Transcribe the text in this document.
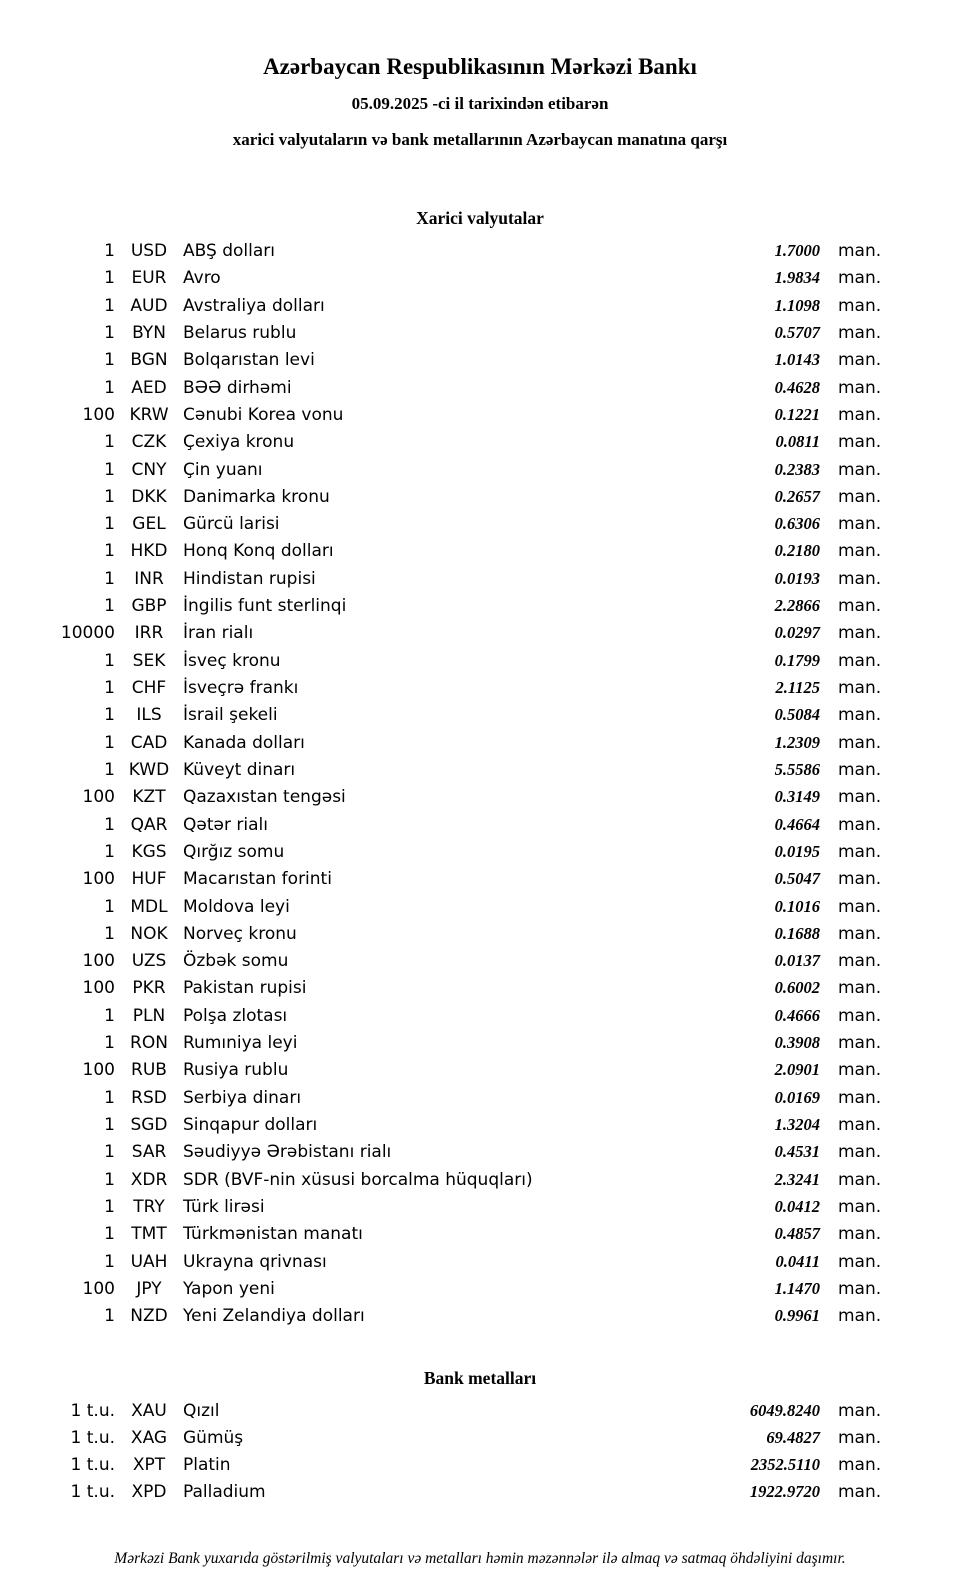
Azərbaycan Respublikasının Mərkəzi Bankı
05.09.2025 -ci il tarixindən etibarən
xarici valyutaların və bank metallarının Azərbaycan manatına qarşı
Xarici valyutalar
1 USD ABŞ dolları	1.7000	man.
1 EUR Avro	1.9834	man.
1 AUD Avstraliya dolları	1.1098	man.
1	BYN	Belarus rublu	0.5707	man.
1 BGN Bolqarıstan levi	1.0143	man.
1 AED BƏƏ dirhəmi	0.4628	man.
100 KRW Cənubi Korea vonu	0.1221	man.
1 CZK Çexiya kronu	0.0811	man.
1 CNY Çin yuanı	0.2383	man.
1 DKK Danimarka kronu	0.2657	man.
1	GEL	Gürcü larisi	0.6306	man.
1 HKD Honq Konq dolları	0.2180	man.
1	INR	Hindistan rupisi	0.0193	man.
1 GBP İngilis funt sterlinqi	2.2866	man.
10000	IRR	İran rialı	0.0297	man.
1	SEK	İsveç kronu	0.1799	man.
1 CHF İsveçrə frankı	2.1125	man.
1	ILS	İsrail şekeli	0.5084	man.
1 CAD Kanada dolları	1.2309	man.
1 KWD Küveyt dinarı	5.5586	man.
100	KZT	Qazaxıstan tengəsi	0.3149	man.
1 QAR Qətər rialı	0.4664	man.
1 KGS Qırğız somu	0.0195	man.
100 HUF Macarıstan forinti	0.5047	man.
1 MDL Moldova leyi	0.1016	man.
1 NOK Norveç kronu	0.1688	man.
100 UZS Özbək somu	0.0137	man.
100	PKR	Pakistan rupisi	0.6002	man.
1	PLN	Polşa zlotası	0.4666	man.
1 RON Rumıniya leyi	0.3908	man.
100 RUB Rusiya rublu	2.0901	man.
1 RSD Serbiya dinarı	0.0169	man.
1 SGD Sinqapur dolları	1.3204	man.
1 SAR Səudiyyə Ərəbistanı rialı	0.4531	man.
1 XDR SDR (BVF-nin xüsusi borcalma hüquqları)	2.3241	man.
1	TRY	Türk lirəsi	0.0412	man.
1 TMT Türkmənistan manatı	0.4857	man.
1 UAH Ukrayna qrivnası	0.0411	man.
100	JPY	Yapon yeni	1.1470	man.
1 NZD Yeni Zelandiya dolları	0.9961	man.
Bank metalları
1 t.u. XAU Qızıl	6049.8240	man.
1 t.u. XAG Gümüş	69.4827	man.
1 t.u.	XPT	Platin	2352.5110	man.
1 t.u. XPD Palladium	1922.9720	man.
Mərkəzi Bank yuxarıda göstərilmiş valyutaları və metalları həmin məzənnələr ilə almaq və satmaq öhdəliyini daşımır.
